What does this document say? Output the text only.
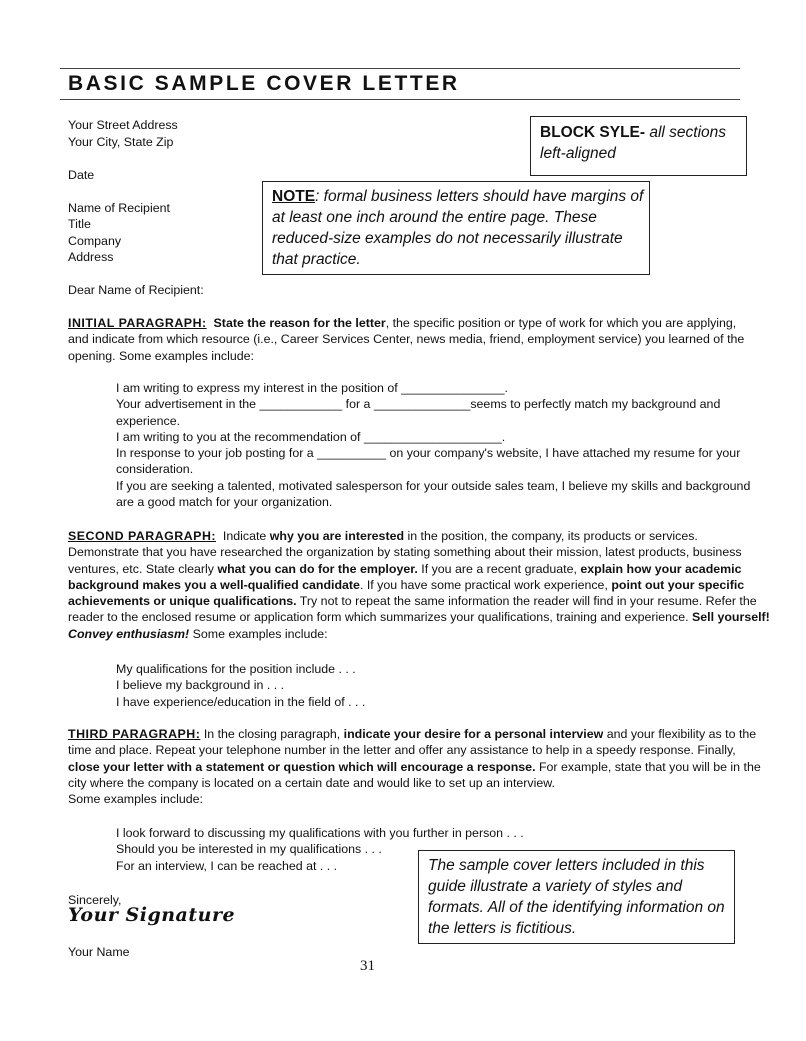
BASIC SAMPLE COVER LETTER
Your Street Address
Your City, State Zip
Date
Name of Recipient
Title
Company
Address
Dear Name of Recipient:
BLOCK SYLE- all sections
left-aligned
NOTE: formal business letters should have margins of
at least one inch around the entire page. These
reduced-size examples do not necessarily illustrate
that practice.
INITIAL PARAGRAPH: State the reason for the letter, the specific position or type of work for which you are applying,
and indicate from which resource (i.e., Career Services Center, news media, friend, employment service) you learned of the
opening. Some examples include:
I am writing to express my interest in the position of _______________.
Your advertisement in the ____________ for a ______________seems to perfectly match my background and
experience.
I am writing to you at the recommendation of ____________________.
In response to your job posting for a __________ on your company's website, I have attached my resume for your
consideration.
If you are seeking a talented, motivated salesperson for your outside sales team, I believe my skills and background
are a good match for your organization.
SECOND PARAGRAPH: Indicate why you are interested in the position, the company, its products or services.
Demonstrate that you have researched the organization by stating something about their mission, latest products, business
ventures, etc. State clearly what you can do for the employer. If you are a recent graduate, explain how your academic
background makes you a well-qualified candidate. If you have some practical work experience, point out your specific
achievements or unique qualifications. Try not to repeat the same information the reader will find in your resume. Refer the
reader to the enclosed resume or application form which summarizes your qualifications, training and experience. Sell yourself!
Convey enthusiasm! Some examples include:
My qualifications for the position include . . .
I believe my background in . . .
I have experience/education in the field of . . .
THIRD PARAGRAPH: In the closing paragraph, indicate your desire for a personal interview and your flexibility as to the
time and place. Repeat your telephone number in the letter and offer any assistance to help in a speedy response. Finally,
close your letter with a statement or question which will encourage a response. For example, state that you will be in the
city where the company is located on a certain date and would like to set up an interview.
Some examples include:
I look forward to discussing my qualifications with you further in person . . .
Should you be interested in my qualifications . . .
For an interview, I can be reached at . . .	The sample cover letters included in this
guide illustrate a variety of styles and
formats. All of the identifying information on
the letters is fictitious.
Sincerely,
Your Signature
Your Name
31
